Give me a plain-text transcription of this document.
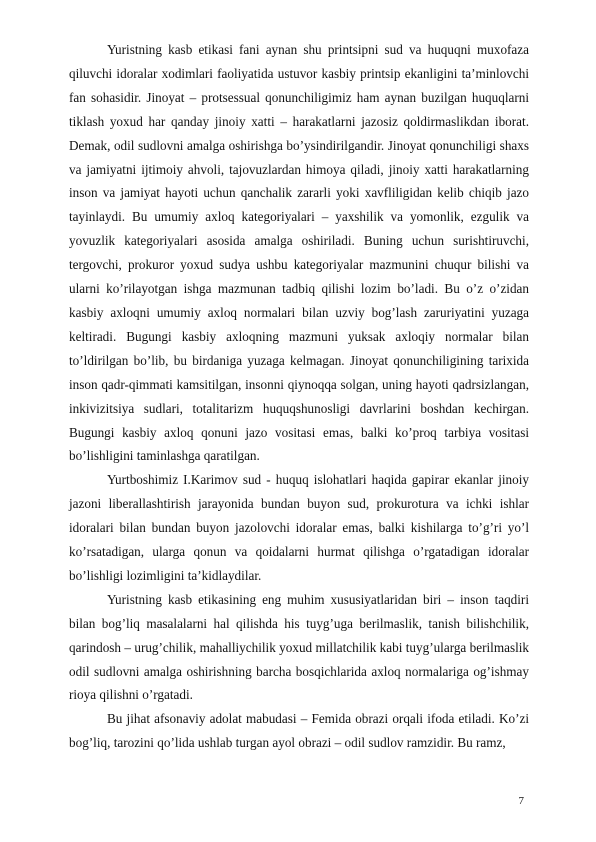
Yuristning kasb etikasi fani aynan shu printsipni sud va huquqni muxofaza qiluvchi idoralar xodimlari faoliyatida ustuvor kasbiy printsip ekanligini ta’minlovchi fan sohasidir. Jinoyat – protsessual qonunchiligimiz ham aynan buzilgan huquqlarni tiklash yoxud har qanday jinoiy xatti – harakatlarni jazosiz qoldirmaslikdan iborat. Demak, odil sudlovni amalga oshirishga bo’ysindirilgandir. Jinoyat qonunchiligi shaxs va jamiyatni ijtimoiy ahvoli, tajovuzlardan himoya qiladi, jinoiy xatti harakatlarning inson va jamiyat hayoti uchun qanchalik zararli yoki xavfliligidan kelib chiqib jazo tayinlaydi. Bu umumiy axloq kategoriyalari – yaxshilik va yomonlik, ezgulik va yovuzlik kategoriyalari asosida amalga oshiriladi. Buning uchun surishtiruvchi, tergovchi, prokuror yoxud sudya ushbu kategoriyalar mazmunini chuqur bilishi va ularni ko’rilayotgan ishga mazmunan tadbiq qilishi lozim bo’ladi. Bu o’z o’zidan kasbiy axloqni umumiy axloq normalari bilan uzviy bog’lash zaruriyatini yuzaga keltiradi. Bugungi kasbiy axloqning mazmuni yuksak axloqiy normalar bilan to’ldirilgan bo’lib, bu birdaniga yuzaga kelmagan. Jinoyat qonunchiligining tarixida inson qadr-qimmati kamsitilgan, insonni qiynoqqa solgan, uning hayoti qadrsizlangan, inkivizitsiya sudlari, totalitarizm huquqshunosligi davrlarini boshdan kechirgan. Bugungi kasbiy axloq qonuni jazo vositasi emas, balki ko’proq tarbiya vositasi bo’lishligini taminlashga qaratilgan.

Yurtboshimiz I.Karimov sud - huquq islohatlari haqida gapirar ekanlar jinoiy jazoni liberallashtirish jarayonida bundan buyon sud, prokurotura va ichki ishlar idoralari bilan bundan buyon jazolovchi idoralar emas, balki kishilarga to’g’ri yo’l ko’rsatadigan, ularga qonun va qoidalarni hurmat qilishga o’rgatadigan idoralar bo’lishligi lozimligini ta’kidlaydilar.

Yuristning kasb etikasining eng muhim xususiyatlaridan biri – inson taqdiri bilan bog’liq masalalarni hal qilishda his tuyg’uga berilmaslik, tanish bilishchilik, qarindosh – urug’chilik, mahalliychilik yoxud millatchilik kabi tuyg’ularga berilmaslik odil sudlovni amalga oshirishning barcha bosqichlarida axloq normalariga og’ishmay rioya qilishni o’rgatadi.

Bu jihat afsonaviy adolat mabudasi – Femida obrazi orqali ifoda etiladi. Ko’zi bog’liq, tarozini qo’lida ushlab turgan ayol obrazi – odil sudlov ramzidir. Bu ramz,

7
